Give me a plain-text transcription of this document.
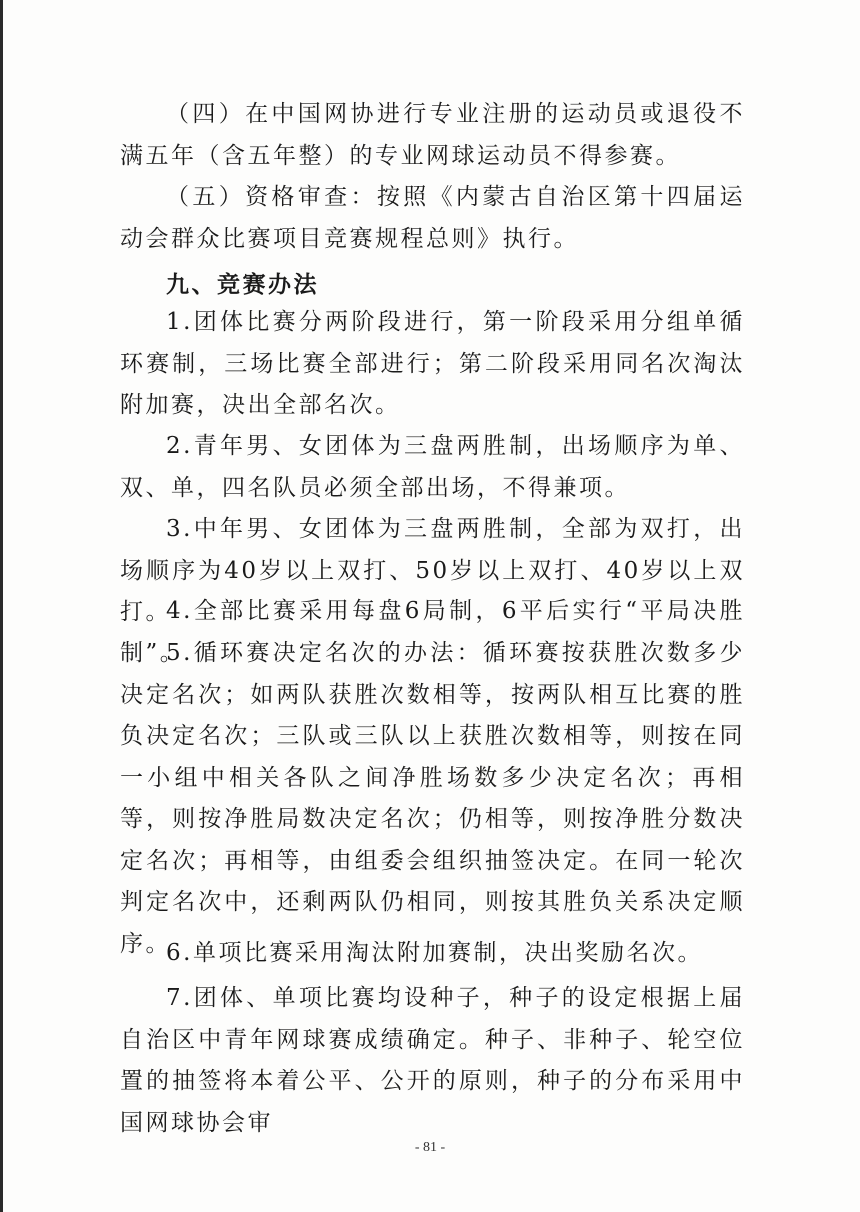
（四）在中国网协进行专业注册的运动员或退役不满五年（含五年整）的专业网球运动员不得参赛。

（五）资格审查：按照《内蒙古自治区第十四届运动会群众比赛项目竞赛规程总则》执行。

九、竞赛办法

1.团体比赛分两阶段进行，第一阶段采用分组单循环赛制，三场比赛全部进行；第二阶段采用同名次淘汰附加赛，决出全部名次。

2.青年男、女团体为三盘两胜制，出场顺序为单、双、单，四名队员必须全部出场，不得兼项。

3.中年男、女团体为三盘两胜制，全部为双打，出场顺序为40岁以上双打、50岁以上双打、40岁以上双打。

4.全部比赛采用每盘6局制，6平后实行“平局决胜制”。

5.循环赛决定名次的办法：循环赛按获胜次数多少决定名次；如两队获胜次数相等，按两队相互比赛的胜负决定名次；三队或三队以上获胜次数相等，则按在同一小组中相关各队之间净胜场数多少决定名次；再相等，则按净胜局数决定名次；仍相等，则按净胜分数决定名次；再相等，由组委会组织抽签决定。在同一轮次判定名次中，还剩两队仍相同，则按其胜负关系决定顺序。

6.单项比赛采用淘汰附加赛制，决出奖励名次。

7.团体、单项比赛均设种子，种子的设定根据上届自治区中青年网球赛成绩确定。种子、非种子、轮空位置的抽签将本着公平、公开的原则，种子的分布采用中国网球协会审

- 81 -
